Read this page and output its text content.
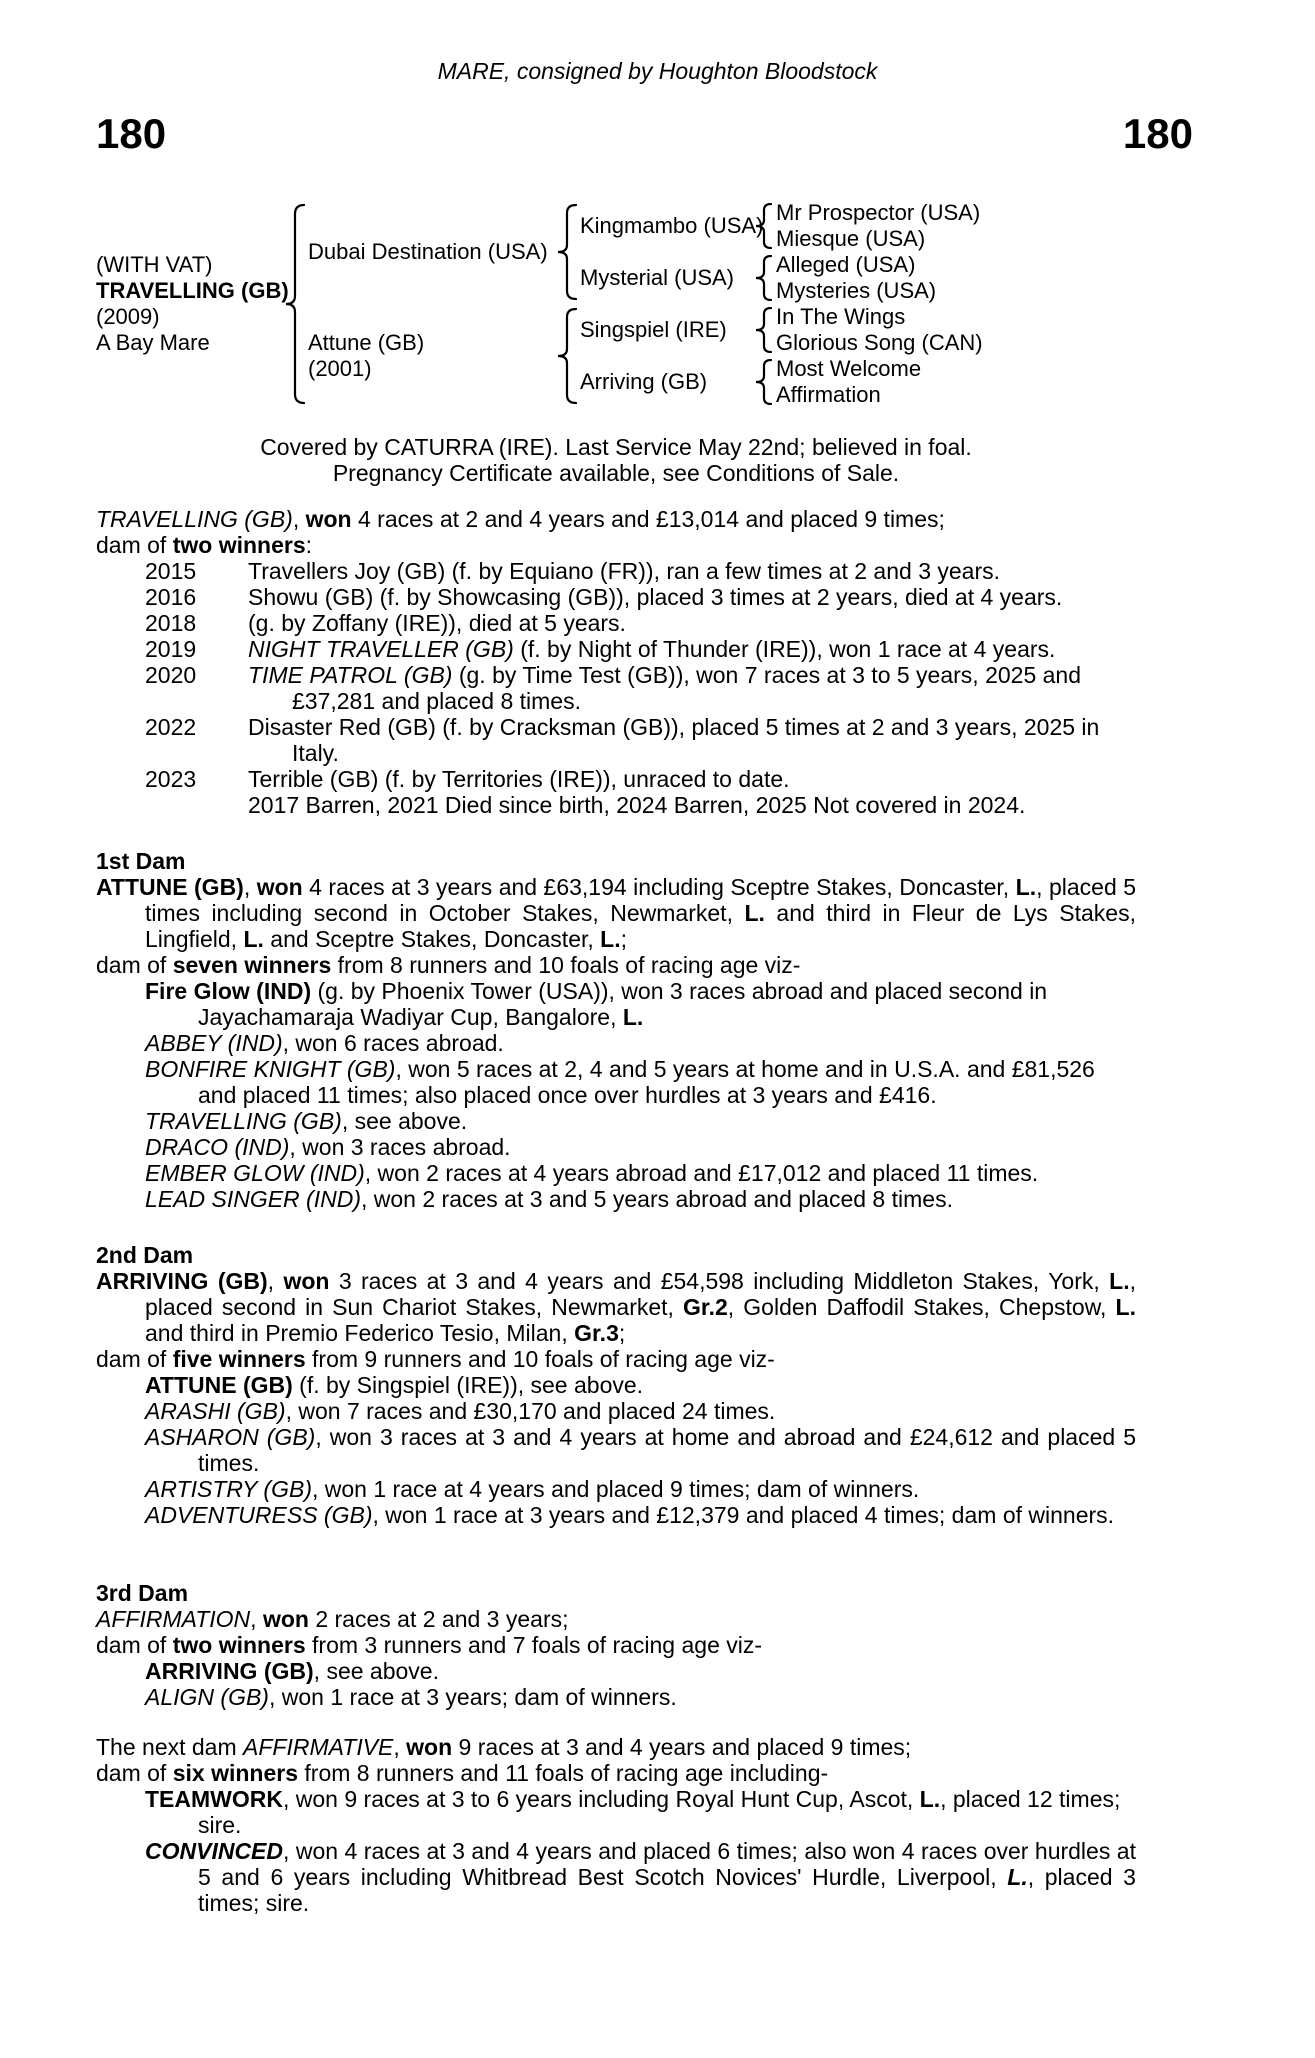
MARE, consigned by Houghton Bloodstock
180	180
(WITH VAT)
TRAVELLING (GB)
(2009)
A Bay Mare
Dubai Destination (USA)
Attune (GB)
(2001)
Kingmambo (USA)
Mysterial (USA)
Singspiel (IRE)
Arriving (GB)
Mr Prospector (USA)
Miesque (USA)
Alleged (USA)
Mysteries (USA)
In The Wings
Glorious Song (CAN)
Most Welcome
Affirmation
Covered by CATURRA (IRE). Last Service May 22nd; believed in foal.
Pregnancy Certificate available, see Conditions of Sale.
TRAVELLING (GB), won 4 races at 2 and 4 years and £13,014 and placed 9 times;
dam of two winners:
2015	Travellers Joy (GB) (f. by Equiano (FR)), ran a few times at 2 and 3 years.
2016	Showu (GB) (f. by Showcasing (GB)), placed 3 times at 2 years, died at 4 years.
2018	(g. by Zoffany (IRE)), died at 5 years.
2019	NIGHT TRAVELLER (GB) (f. by Night of Thunder (IRE)), won 1 race at 4 years.
2020	TIME PATROL (GB) (g. by Time Test (GB)), won 7 races at 3 to 5 years, 2025 and £37,281 and placed 8 times.
2022	Disaster Red (GB) (f. by Cracksman (GB)), placed 5 times at 2 and 3 years, 2025 in Italy.
2023	Terrible (GB) (f. by Territories (IRE)), unraced to date.
2017 Barren, 2021 Died since birth, 2024 Barren, 2025 Not covered in 2024.
1st Dam
ATTUNE (GB), won 4 races at 3 years and £63,194 including Sceptre Stakes, Doncaster, L., placed 5 times including second in October Stakes, Newmarket, L. and third in Fleur de Lys Stakes, Lingfield, L. and Sceptre Stakes, Doncaster, L.;
dam of seven winners from 8 runners and 10 foals of racing age viz-
Fire Glow (IND) (g. by Phoenix Tower (USA)), won 3 races abroad and placed second in Jayachamaraja Wadiyar Cup, Bangalore, L.
ABBEY (IND), won 6 races abroad.
BONFIRE KNIGHT (GB), won 5 races at 2, 4 and 5 years at home and in U.S.A. and £81,526 and placed 11 times; also placed once over hurdles at 3 years and £416.
TRAVELLING (GB), see above.
DRACO (IND), won 3 races abroad.
EMBER GLOW (IND), won 2 races at 4 years abroad and £17,012 and placed 11 times.
LEAD SINGER (IND), won 2 races at 3 and 5 years abroad and placed 8 times.
2nd Dam
ARRIVING (GB), won 3 races at 3 and 4 years and £54,598 including Middleton Stakes, York, L., placed second in Sun Chariot Stakes, Newmarket, Gr.2, Golden Daffodil Stakes, Chepstow, L. and third in Premio Federico Tesio, Milan, Gr.3;
dam of five winners from 9 runners and 10 foals of racing age viz-
ATTUNE (GB) (f. by Singspiel (IRE)), see above.
ARASHI (GB), won 7 races and £30,170 and placed 24 times.
ASHARON (GB), won 3 races at 3 and 4 years at home and abroad and £24,612 and placed 5 times.
ARTISTRY (GB), won 1 race at 4 years and placed 9 times; dam of winners.
ADVENTURESS (GB), won 1 race at 3 years and £12,379 and placed 4 times; dam of winners.
3rd Dam
AFFIRMATION, won 2 races at 2 and 3 years;
dam of two winners from 3 runners and 7 foals of racing age viz-
ARRIVING (GB), see above.
ALIGN (GB), won 1 race at 3 years; dam of winners.
The next dam AFFIRMATIVE, won 9 races at 3 and 4 years and placed 9 times;
dam of six winners from 8 runners and 11 foals of racing age including-
TEAMWORK, won 9 races at 3 to 6 years including Royal Hunt Cup, Ascot, L., placed 12 times; sire.
CONVINCED, won 4 races at 3 and 4 years and placed 6 times; also won 4 races over hurdles at 5 and 6 years including Whitbread Best Scotch Novices' Hurdle, Liverpool, L., placed 3 times; sire.
